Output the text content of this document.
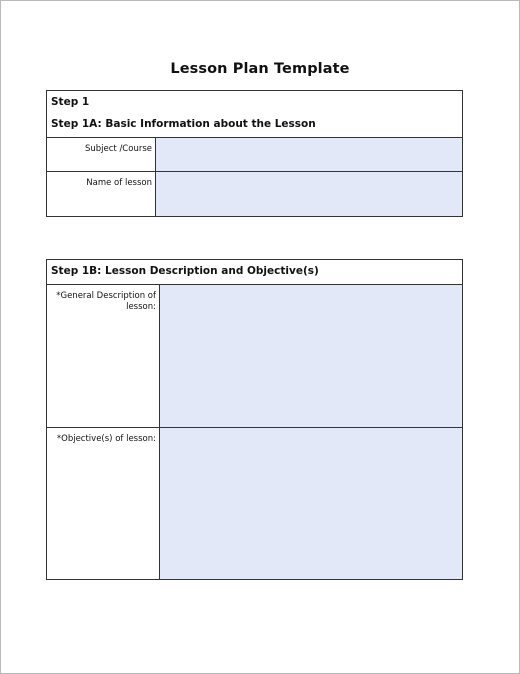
Lesson Plan Template
Step 1
Step 1A: Basic Information about the Lesson
Subject /Course
Name of lesson
Step 1B: Lesson Description and Objective(s)
*General Description of lesson:
*Objective(s) of lesson:
